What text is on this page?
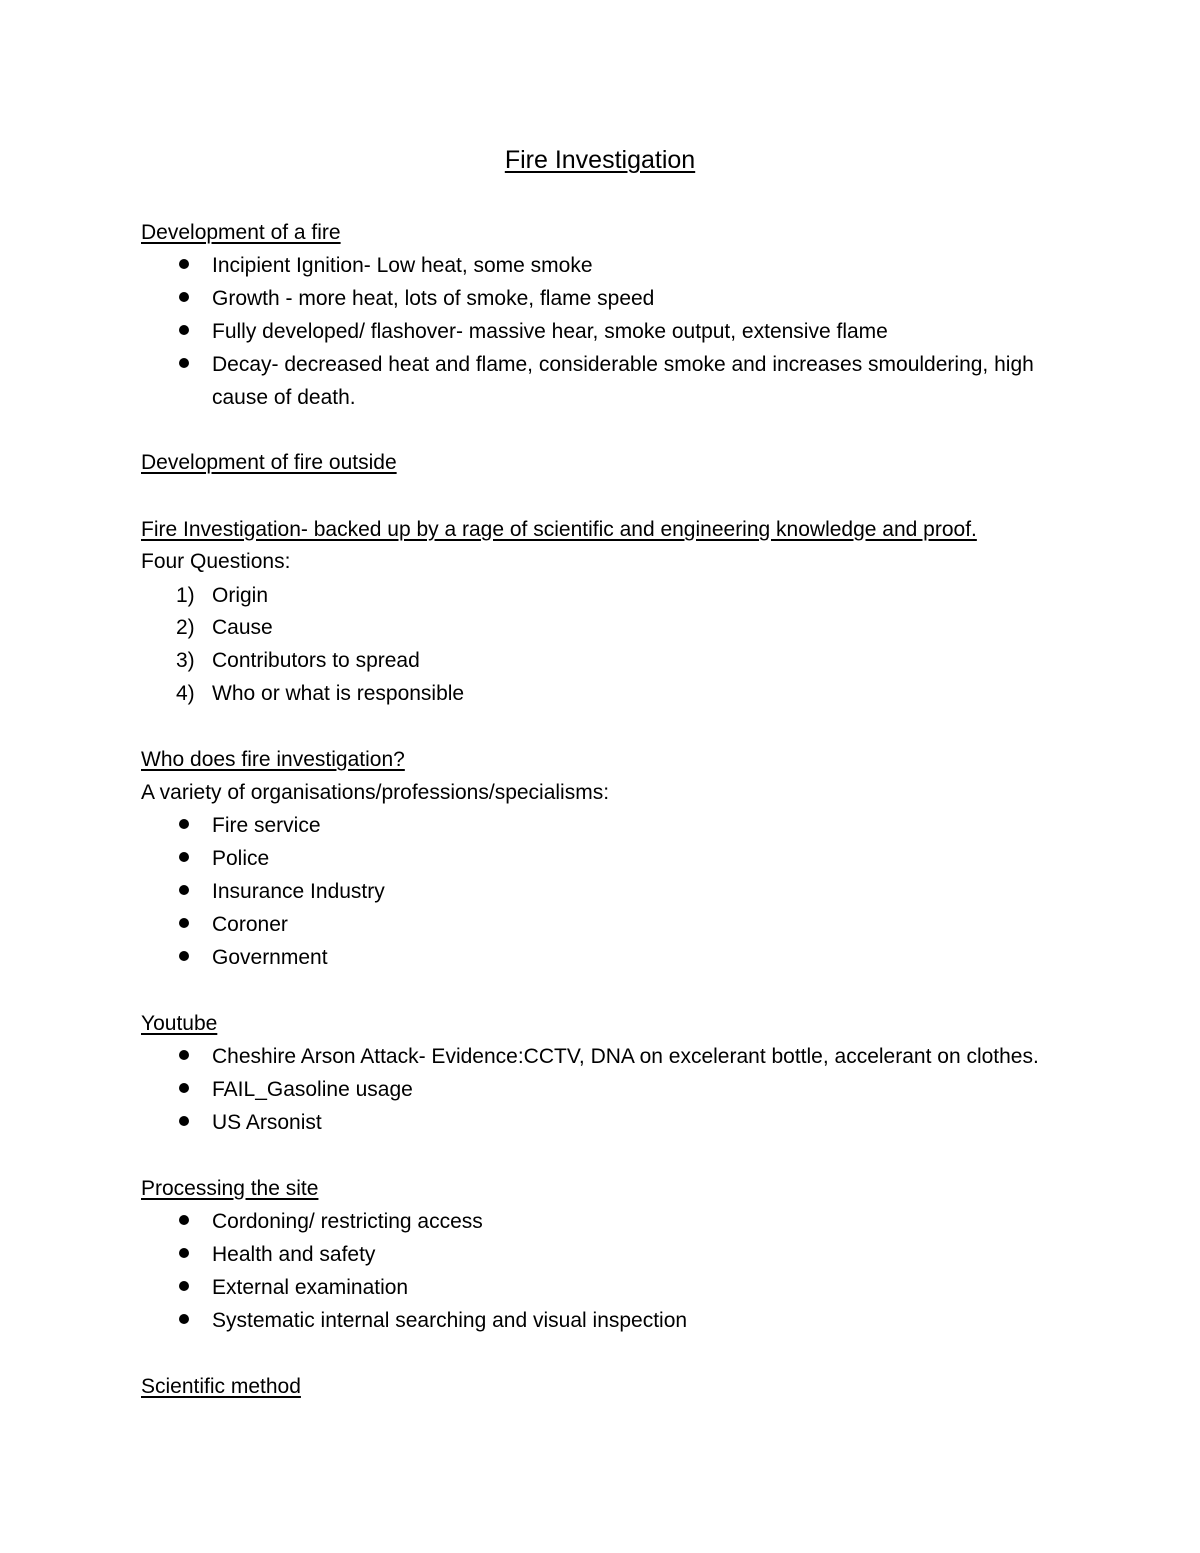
Fire Investigation
Development of a fire
Incipient Ignition- Low heat, some smoke
Growth - more heat, lots of smoke, flame speed
Fully developed/ flashover- massive hear, smoke output, extensive flame
Decay- decreased heat and flame, considerable smoke and increases smouldering, high
cause of death.
Development of fire outside
Fire Investigation- backed up by a rage of scientific and engineering knowledge and proof.
Four Questions:
1) Origin
2) Cause
3) Contributors to spread
4) Who or what is responsible
Who does fire investigation?
A variety of organisations/professions/specialisms:
Fire service
Police
Insurance Industry
Coroner
Government
Youtube
Cheshire Arson Attack- Evidence:CCTV, DNA on excelerant bottle, accelerant on clothes.
FAIL_Gasoline usage
US Arsonist
Processing the site
Cordoning/ restricting access
Health and safety
External examination
Systematic internal searching and visual inspection
Scientific method
